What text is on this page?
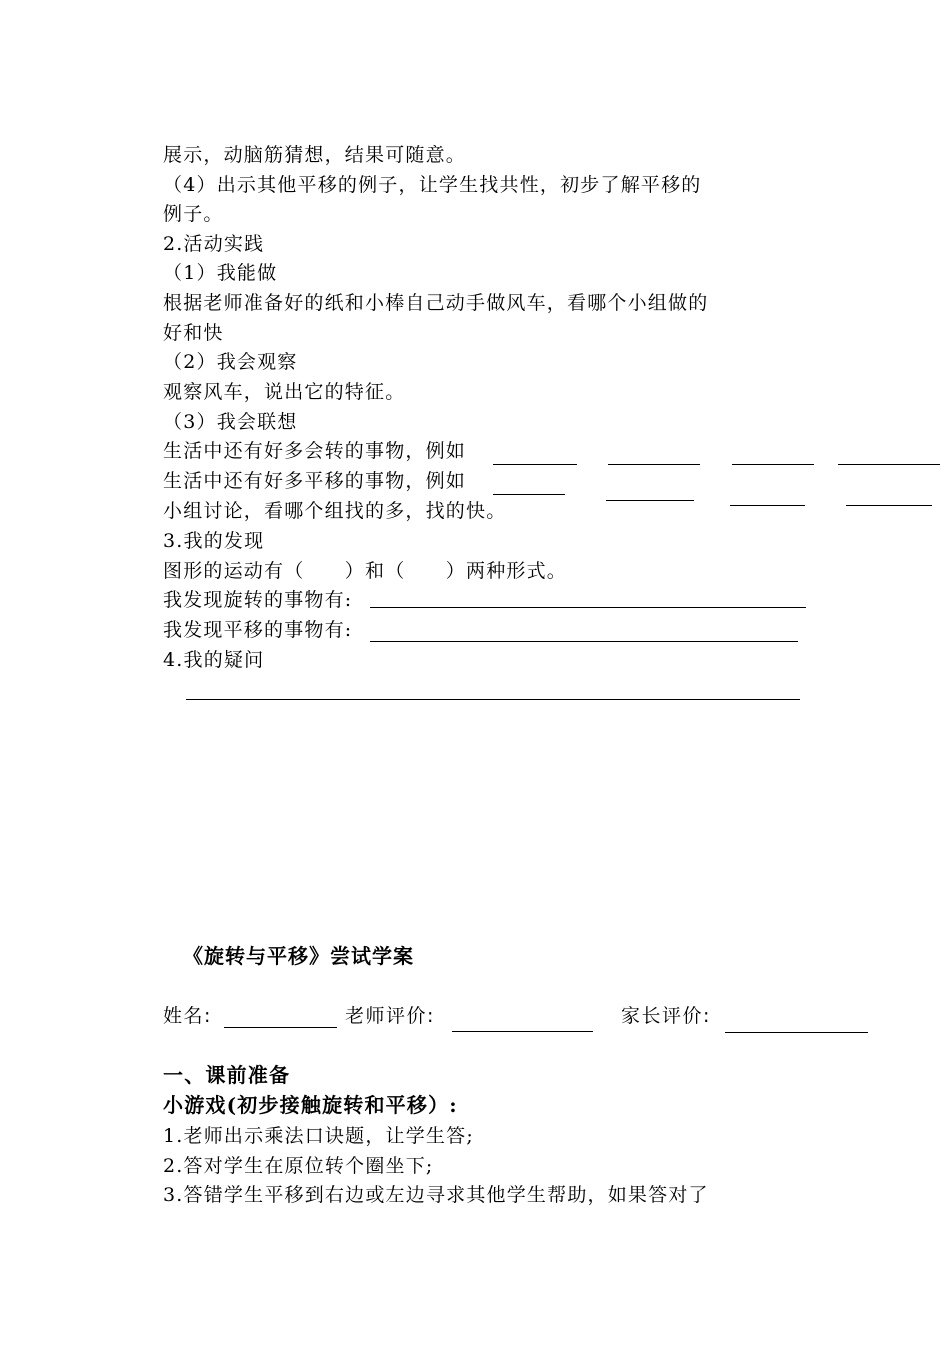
展示，动脑筋猜想，结果可随意。
（4）出示其他平移的例子，让学生找共性，初步了解平移的
例子。
2.活动实践
（1）我能做
根据老师准备好的纸和小棒自己动手做风车，看哪个小组做的
好和快
（2）我会观察
观察风车，说出它的特征。
（3）我会联想
生活中还有好多会转的事物，例如
生活中还有好多平移的事物，例如
小组讨论，看哪个组找的多，找的快。
3.我的发现
图形的运动有（　　）和（　　）两种形式。
我发现旋转的事物有:
我发现平移的事物有:
4.我的疑问
《旋转与平移》尝试学案
姓名:	老师评价:	家长评价:
一、课前准备
小游戏(初步接触旋转和平移）:
1.老师出示乘法口诀题，让学生答;
2.答对学生在原位转个圈坐下;
3.答错学生平移到右边或左边寻求其他学生帮助，如果答对了
